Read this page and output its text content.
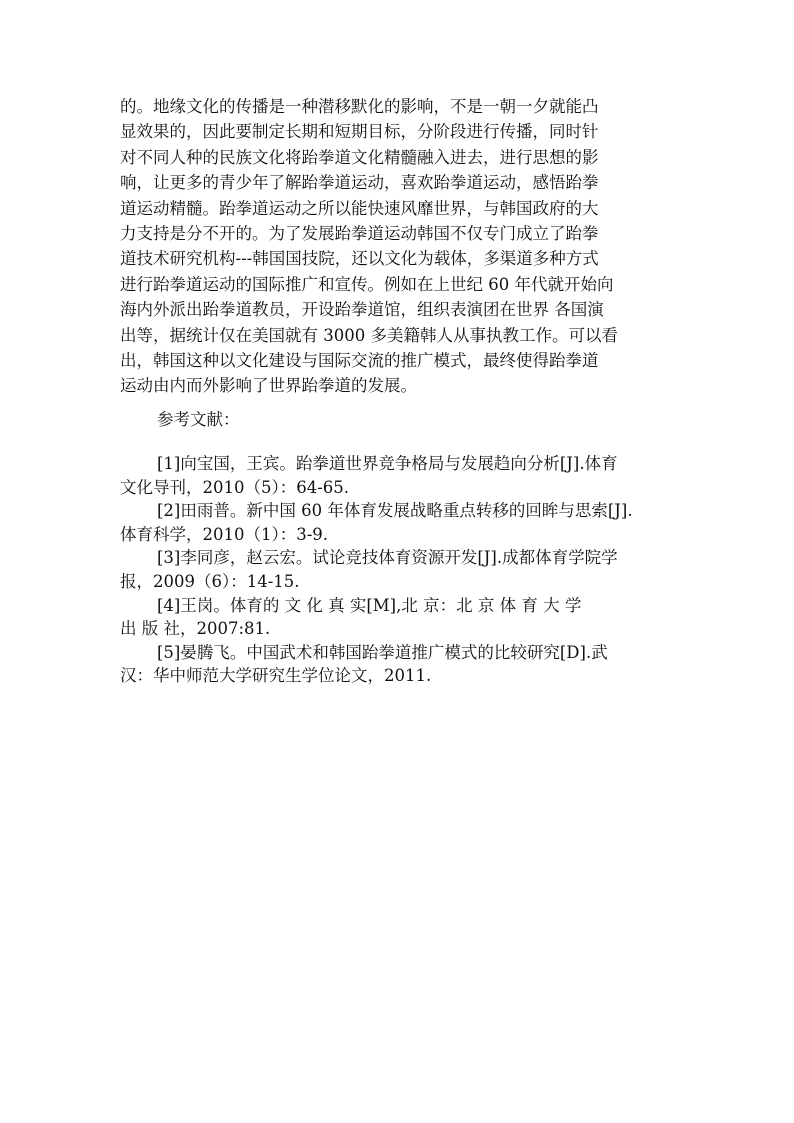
的。地缘文化的传播是一种潜移默化的影响，不是一朝一夕就能凸
显效果的，因此要制定长期和短期目标，分阶段进行传播，同时针
对不同人种的民族文化将跆拳道文化精髓融入进去，进行思想的影
响，让更多的青少年了解跆拳道运动，喜欢跆拳道运动，感悟跆拳
道运动精髓。跆拳道运动之所以能快速风靡世界，与韩国政府的大
力支持是分不开的。为了发展跆拳道运动韩国不仅专门成立了跆拳
道技术研究机构---韩国国技院，还以文化为载体，多渠道多种方式
进行跆拳道运动的国际推广和宣传。例如在上世纪 60 年代就开始向
海内外派出跆拳道教员，开设跆拳道馆，组织表演团在世界 各国演
出等，据统计仅在美国就有 3000 多美籍韩人从事执教工作。可以看
出，韩国这种以文化建设与国际交流的推广模式，最终使得跆拳道
运动由内而外影响了世界跆拳道的发展。
参考文献：
[1]向宝国，王宾。跆拳道世界竞争格局与发展趋向分析[J].体育
文化导刊，2010（5）：64-65.
[2]田雨普。新中国 60 年体育发展战略重点转移的回眸与思索[J].
体育科学，2010（1）：3-9.
[3]李同彦，赵云宏。试论竞技体育资源开发[J].成都体育学院学
报，2009（6）：14-15.
[4]王岗。体育的 文 化 真 实[M],北 京：北 京 体 育 大 学
出 版 社，2007:81.
[5]晏腾飞。中国武术和韩国跆拳道推广模式的比较研究[D].武
汉：华中师范大学研究生学位论文，2011.
